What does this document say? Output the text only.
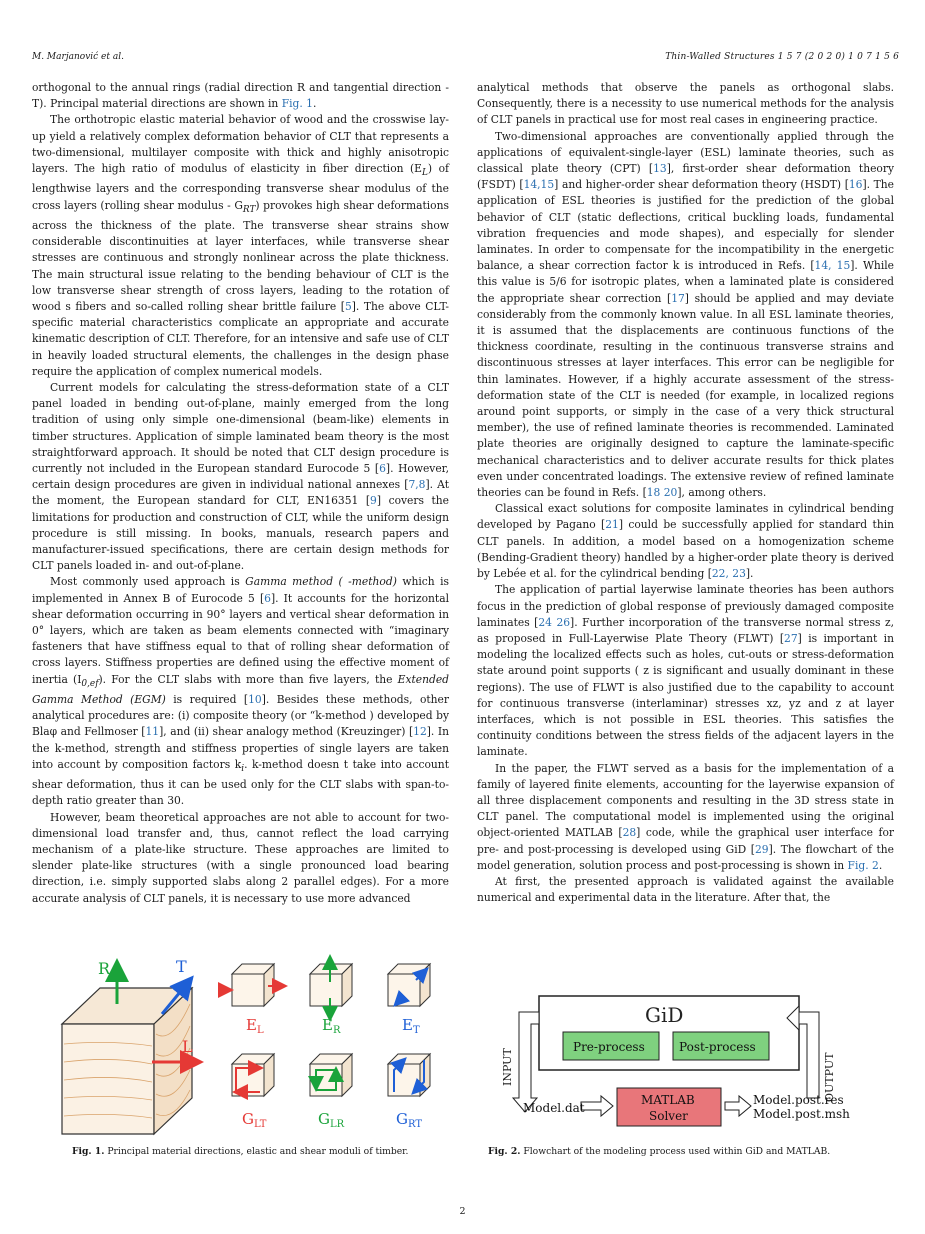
M. Marjanović et al.	Thin-Walled Structures 1 5 7 (2 0 2 0) 1 0 7 1 5 6

orthogonal to the annual rings (radial direction R and tangential direction - T). Principal material directions are shown in Fig. 1.

The orthotropic elastic material behavior of wood and the crosswise lay-up yield a relatively complex deformation behavior of CLT that represents a two-dimensional, multilayer composite with thick and highly anisotropic layers. The high ratio of modulus of elasticity in fiber direction $(E_L)$ of lengthwise layers and the corresponding transverse shear modulus of the cross layers (rolling shear modulus - $G_{RT}$) provokes high shear deformations across the thickness of the plate. The transverse shear strains show considerable discontinuities at layer interfaces, while transverse shear stresses are continuous and strongly nonlinear across the plate thickness. The main structural issue relating to the bending behaviour of CLT is the low transverse shear strength of cross layers, leading to the rotation of wood s fibers and so-called rolling shear brittle failure [5]. The above CLT-specific material characteristics complicate an appropriate and accurate kinematic description of CLT. Therefore, for an intensive and safe use of CLT in heavily loaded structural elements, the challenges in the design phase require the application of complex numerical models.

Current models for calculating the stress-deformation state of a CLT panel loaded in bending out-of-plane, mainly emerged from the long tradition of using only simple one-dimensional (beam-like) elements in timber structures. Application of simple laminated beam theory is the most straightforward approach. It should be noted that CLT design procedure is currently not included in the European standard Eurocode 5 [6]. However, certain design procedures are given in individual national annexes [7,8]. At the moment, the European standard for CLT, EN16351 [9] covers the limitations for production and construction of CLT, while the uniform design procedure is still missing. In books, manuals, research papers and manufacturer-issued specifications, there are certain design methods for CLT panels loaded in- and out-of-plane.

Most commonly used approach is Gamma method ( -method) which is implemented in Annex B of Eurocode 5 [6]. It accounts for the horizontal shear deformation occurring in 90° layers and vertical shear deformation in 0° layers, which are taken as beam elements connected with “imaginary fasteners that have stiffness equal to that of rolling shear deformation of cross layers. Stiffness properties are defined using the effective moment of inertia $(I_{0,ef})$. For the CLT slabs with more than five layers, the Extended Gamma Method (EGM) is required [10]. Besides these methods, other analytical procedures are: (i) composite theory (or “k-method ) developed by Blaφ and Fellmoser [11], and (ii) shear analogy method (Kreuzinger) [12]. In the k-method, strength and stiffness properties of single layers are taken into account by composition factors $k_i$. k-method doesn t take into account shear deformation, thus it can be used only for the CLT slabs with span-to-depth ratio greater than 30.

However, beam theoretical approaches are not able to account for two-dimensional load transfer and, thus, cannot reflect the load carrying mechanism of a plate-like structure. These approaches are limited to slender plate-like structures (with a single pronounced load bearing direction, i.e. simply supported slabs along 2 parallel edges). For a more accurate analysis of CLT panels, it is necessary to use more advanced

analytical methods that observe the panels as orthogonal slabs. Consequently, there is a necessity to use numerical methods for the analysis of CLT panels in practical use for most real cases in engineering practice.

Two-dimensional approaches are conventionally applied through the applications of equivalent-single-layer (ESL) laminate theories, such as classical plate theory (CPT) [13], first-order shear deformation theory (FSDT) [14,15] and higher-order shear deformation theory (HSDT) [16]. The application of ESL theories is justified for the prediction of the global behavior of CLT (static deflections, critical buckling loads, fundamental vibration frequencies and mode shapes), and especially for slender laminates. In order to compensate for the incompatibility in the energetic balance, a shear correction factor k is introduced in Refs. [14, 15]. While this value is 5/6 for isotropic plates, when a laminated plate is considered the appropriate shear correction [17] should be applied and may deviate considerably from the commonly known value. In all ESL laminate theories, it is assumed that the displacements are continuous functions of the thickness coordinate, resulting in the continuous transverse strains and discontinuous stresses at layer interfaces. This error can be negligible for thin laminates. However, if a highly accurate assessment of the stress-deformation state of the CLT is needed (for example, in localized regions around point supports, or simply in the case of a very thick structural member), the use of refined laminate theories is recommended. Laminated plate theories are originally designed to capture the laminate-specific mechanical characteristics and to deliver accurate results for thick plates even under concentrated loadings. The extensive review of refined laminate theories can be found in Refs. [18 20], among others.

Classical exact solutions for composite laminates in cylindrical bending developed by Pagano [21] could be successfully applied for standard thin CLT panels. In addition, a model based on a homogenization scheme (Bending-Gradient theory) handled by a higher-order plate theory is derived by Lebée et al. for the cylindrical bending [22, 23].

The application of partial layerwise laminate theories has been authors focus in the prediction of global response of previously damaged composite laminates [24 26]. Further incorporation of the transverse normal stress z, as proposed in Full-Layerwise Plate Theory (FLWT) [27] is important in modeling the localized effects such as holes, cut-outs or stress-deformation state around point supports ( z is significant and usually dominant in these regions). The use of FLWT is also justified due to the capability to account for continuous transverse (interlaminar) stresses xz, yz and z at layer interfaces, which is not possible in ESL theories. This satisfies the continuity conditions between the stress fields of the adjacent layers in the laminate.

In the paper, the FLWT served as a basis for the implementation of a family of layered finite elements, accounting for the layerwise expansion of all three displacement components and resulting in the 3D stress state in CLT panel. The computational model is implemented using the original object-oriented MATLAB [28] code, while the graphical user interface for pre- and post-processing is developed using GiD [29]. The flowchart of the model generation, solution process and post-processing is shown in Fig. 2.

At first, the presented approach is validated against the available numerical and experimental data in the literature. After that, the

R	T
L
$E_L$	$E_R$	$E_T$
$G_{LT}$	$G_{LR}$	$G_{RT}$
Fig. 1. Principal material directions, elastic and shear moduli of timber.
GiD
Pre-process	Post-process
INPUT	OUTPUT
MATLAB
Solver
Model.dat
Model.post.res
Model.post.msh
Fig. 2. Flowchart of the modeling process used within GiD and MATLAB.
2
